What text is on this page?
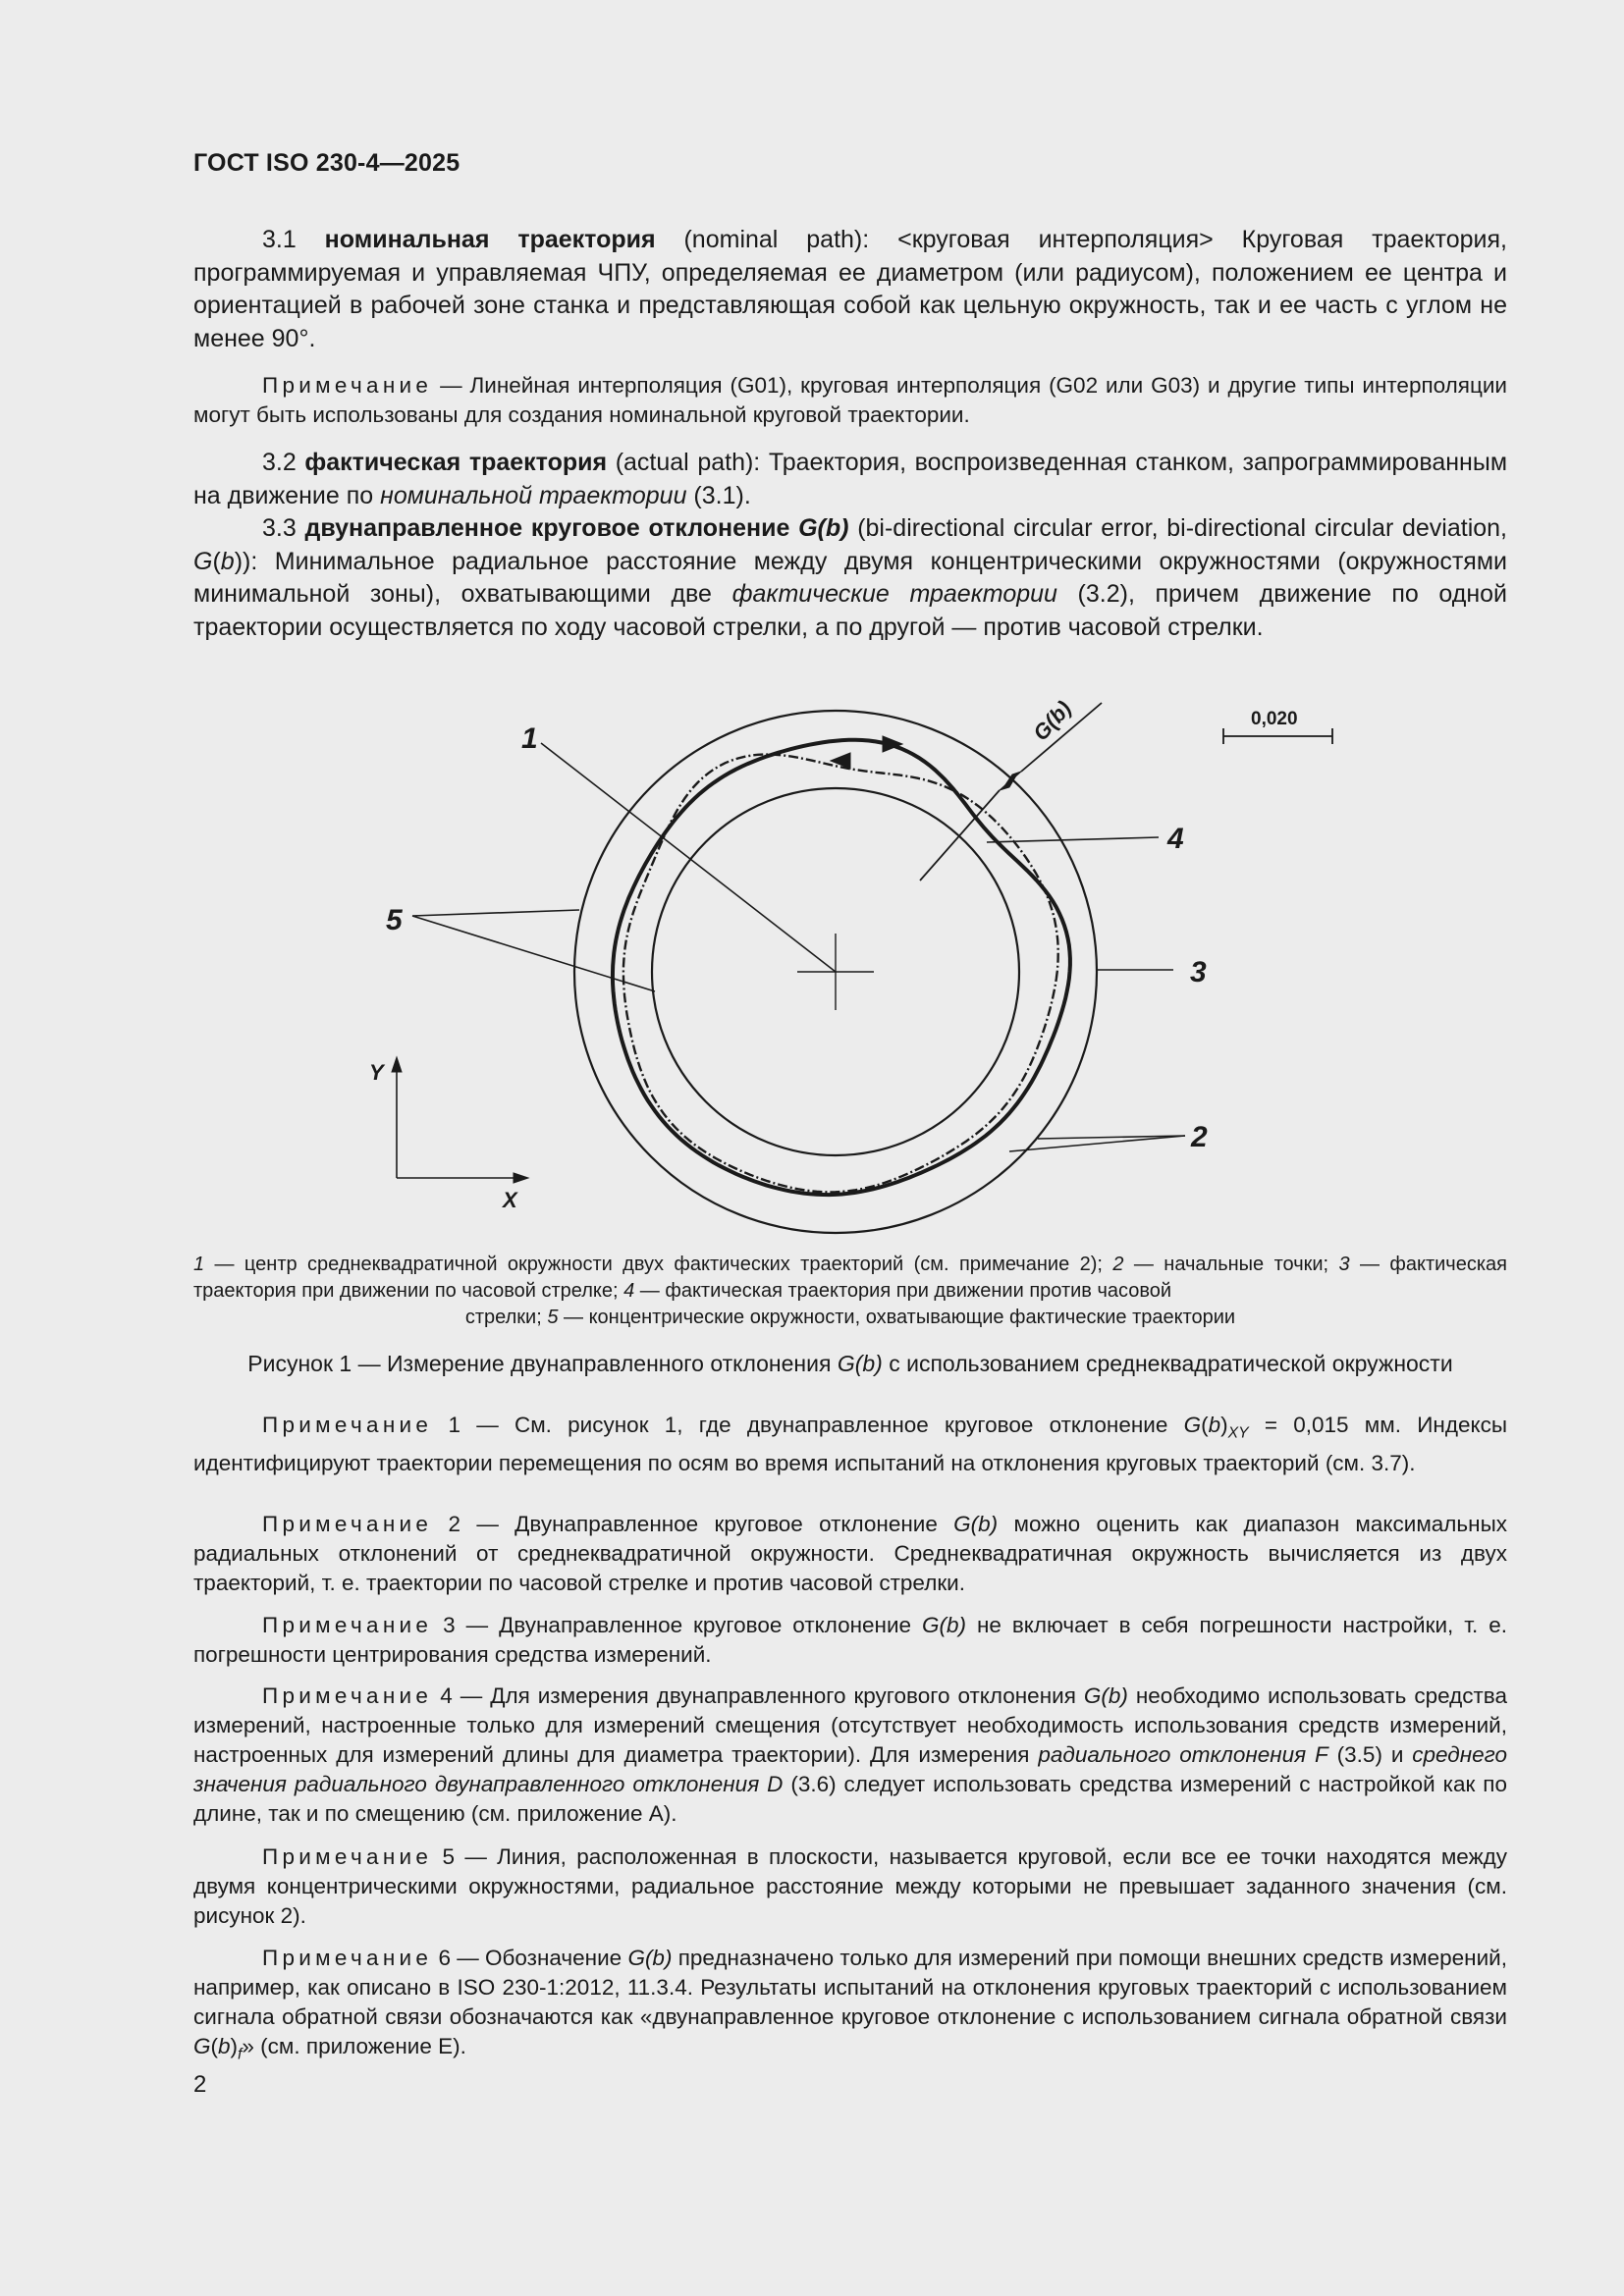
ГОСТ ISO 230-4—2025

3.1 номинальная траектория (nominal path): <круговая интерполяция> Круговая траектория, программируемая и управляемая ЧПУ, определяемая ее диаметром (или радиусом), положением ее центра и ориентацией в рабочей зоне станка и представляющая собой как цельную окружность, так и ее часть с углом не менее 90°.

Примечание — Линейная интерполяция (G01), круговая интерполяция (G02 или G03) и другие типы интерполяции могут быть использованы для создания номинальной круговой траектории.

3.2 фактическая траектория (actual path): Траектория, воспроизведенная станком, запрограммированным на движение по номинальной траектории (3.1).

3.3 двунаправленное круговое отклонение G(b) (bi-directional circular error, bi-directional circular deviation, G(b)): Минимальное радиальное расстояние между двумя концентрическими окружностями (окружностями минимальной зоны), охватывающими две фактические траектории (3.2), причем движение по одной траектории осуществляется по ходу часовой стрелки, а по другой — против часовой стрелки.

1
4
3
5
2
Y
X
G(b)	0,020

1 — центр среднеквадратичной окружности двух фактических траекторий (см. примечание 2); 2 — начальные точки; 3 — фактическая траектория при движении по часовой стрелке; 4 — фактическая траектория при движении против часовой
стрелки; 5 — концентрические окружности, охватывающие фактические траектории

Рисунок 1 — Измерение двунаправленного отклонения G(b) с использованием среднеквадратической окружности

Примечание 1 — См. рисунок 1, где двунаправленное круговое отклонение $G(b)_{XY} = 0,015$ мм. Индексы идентифицируют траектории перемещения по осям во время испытаний на отклонения круговых траекторий (см. 3.7).

Примечание 2 — Двунаправленное круговое отклонение G(b) можно оценить как диапазон максимальных радиальных отклонений от среднеквадратичной окружности. Среднеквадратичная окружность вычисляется из двух траекторий, т. е. траектории по часовой стрелке и против часовой стрелки.

Примечание 3 — Двунаправленное круговое отклонение G(b) не включает в себя погрешности настройки, т. е. погрешности центрирования средства измерений.

Примечание 4 — Для измерения двунаправленного кругового отклонения G(b) необходимо использовать средства измерений, настроенные только для измерений смещения (отсутствует необходимость использования средств измерений, настроенных для измерений длины для диаметра траектории). Для измерения радиального отклонения F (3.5) и среднего значения радиального двунаправленного отклонения D (3.6) следует использовать средства измерений с настройкой как по длине, так и по смещению (см. приложение А).

Примечание 5 — Линия, расположенная в плоскости, называется круговой, если все ее точки находятся между двумя концентрическими окружностями, радиальное расстояние между которыми не превышает заданного значения (см. рисунок 2).

Примечание 6 — Обозначение G(b) предназначено только для измерений при помощи внешних средств измерений, например, как описано в ISO 230-1:2012, 11.3.4. Результаты испытаний на отклонения круговых траекторий с использованием сигнала обратной связи обозначаются как «двунаправленное круговое отклонение с использованием сигнала обратной связи $G(b)_f$» (см. приложение Е).

2
